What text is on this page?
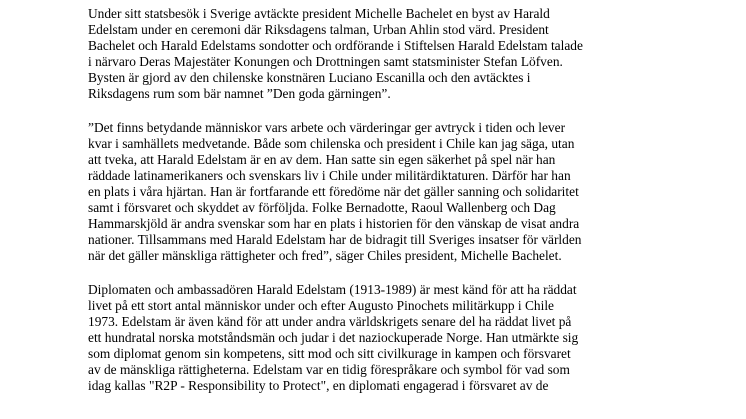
Under sitt statsbesök i Sverige avtäckte president Michelle Bachelet en byst av Harald
Edelstam under en ceremoni där Riksdagens talman, Urban Ahlin stod värd. President
Bachelet och Harald Edelstams sondotter och ordförande i Stiftelsen Harald Edelstam talade
i närvaro Deras Majestäter Konungen och Drottningen samt statsminister Stefan Löfven.
Bysten är gjord av den chilenske konstnären Luciano Escanilla och den avtäcktes i
Riksdagens rum som bär namnet ”Den goda gärningen”.
”Det finns betydande människor vars arbete och värderingar ger avtryck i tiden och lever
kvar i samhällets medvetande. Både som chilenska och president i Chile kan jag säga, utan
att tveka, att Harald Edelstam är en av dem. Han satte sin egen säkerhet på spel när han
räddade latinamerikaners och svenskars liv i Chile under militärdiktaturen. Därför har han
en plats i våra hjärtan. Han är fortfarande ett föredöme när det gäller sanning och solidaritet
samt i försvaret och skyddet av förföljda. Folke Bernadotte, Raoul Wallenberg och Dag
Hammarskjöld är andra svenskar som har en plats i historien för den vänskap de visat andra
nationer. Tillsammans med Harald Edelstam har de bidragit till Sveriges insatser för världen
när det gäller mänskliga rättigheter och fred”, säger Chiles president, Michelle Bachelet.
Diplomaten och ambassadören Harald Edelstam (1913-1989) är mest känd för att ha räddat
livet på ett stort antal människor under och efter Augusto Pinochets militärkupp i Chile
1973. Edelstam är även känd för att under andra världskrigets senare del ha räddat livet på
ett hundratal norska motståndsmän och judar i det naziockuperade Norge. Han utmärkte sig
som diplomat genom sin kompetens, sitt mod och sitt civilkurage in kampen och försvaret
av de mänskliga rättigheterna. Edelstam var en tidig förespråkare och symbol för vad som
idag kallas "R2P - Responsibility to Protect", en diplomati engagerad i försvaret av de
